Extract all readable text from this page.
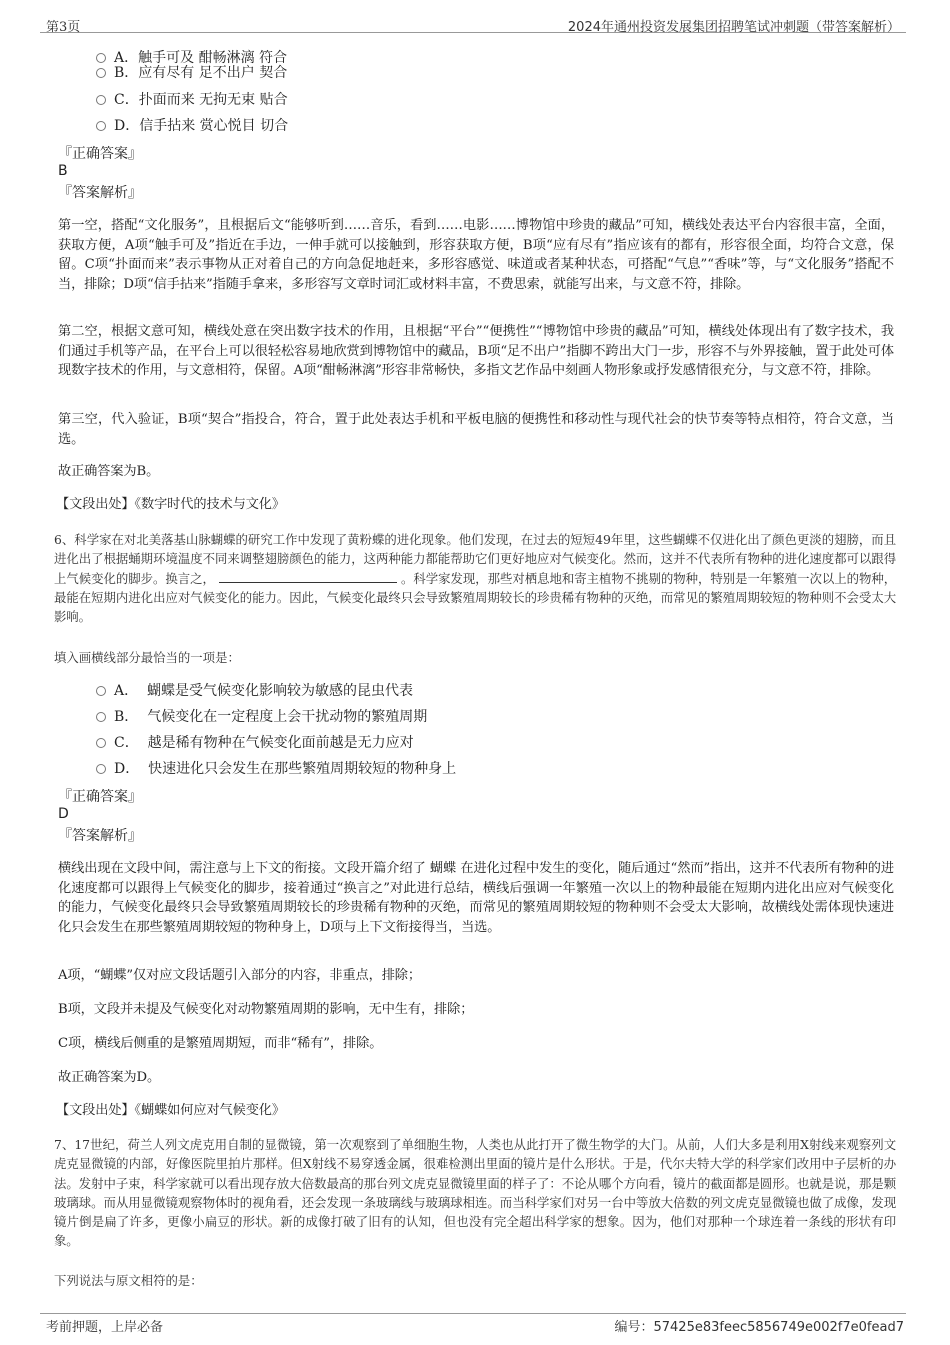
第3页	2024年通州投资发展集团招聘笔试冲刺题（带答案解析）
A．触手可及 酣畅淋漓 符合
B．应有尽有 足不出户 契合
C．扑面而来 无拘无束 贴合
D．信手拈来 赏心悦目 切合
『正确答案』
B
『答案解析』
第一空，搭配“文化服务”，且根据后文“能够听到……音乐，看到……电影……博物馆中珍贵的藏品”可知，横线处表达平台内容很丰富，全面，获取方便，A项“触手可及”指近在手边，一伸手就可以接触到，形容获取方便，B项“应有尽有”指应该有的都有，形容很全面，均符合文意，保留。C项“扑面而来”表示事物从正对着自己的方向急促地赶来，多形容感觉、味道或者某种状态，可搭配“气息”“香味”等，与“文化服务”搭配不当，排除；D项“信手拈来”指随手拿来，多形容写文章时词汇或材料丰富，不费思索，就能写出来，与文意不符，排除。
第二空，根据文意可知，横线处意在突出数字技术的作用，且根据“平台”“便携性”“博物馆中珍贵的藏品”可知，横线处体现出有了数字技术，我们通过手机等产品，在平台上可以很轻松容易地欣赏到博物馆中的藏品，B项“足不出户”指脚不跨出大门一步，形容不与外界接触，置于此处可体现数字技术的作用，与文意相符，保留。A项“酣畅淋漓”形容非常畅快，多指文艺作品中刻画人物形象或抒发感情很充分，与文意不符，排除。
第三空，代入验证，B项“契合”指投合，符合，置于此处表达手机和平板电脑的便携性和移动性与现代社会的快节奏等特点相符，符合文意，当选。
故正确答案为B。
【文段出处】《数字时代的技术与文化》
6、科学家在对北美落基山脉蝴蝶的研究工作中发现了黄粉蝶的进化现象。他们发现，在过去的短短49年里，这些蝴蝶不仅进化出了颜色更淡的翅膀，而且进化出了根据蛹期环境温度不同来调整翅膀颜色的能力，这两种能力都能帮助它们更好地应对气候变化。然而，这并不代表所有物种的进化速度都可以跟得上气候变化的脚步。换言之，	。科学家发现，那些对栖息地和寄主植物不挑剔的物种，特别是一年繁殖一次以上的物种，最能在短期内进化出应对气候变化的能力。因此，气候变化最终只会导致繁殖周期较长的珍贵稀有物种的灭绝，而常见的繁殖周期较短的物种则不会受太大影响。
填入画横线部分最恰当的一项是：
A． 蝴蝶是受气候变化影响较为敏感的昆虫代表
B． 气候变化在一定程度上会干扰动物的繁殖周期
C． 越是稀有物种在气候变化面前越是无力应对
D． 快速进化只会发生在那些繁殖周期较短的物种身上
『正确答案』
D
『答案解析』
横线出现在文段中间，需注意与上下文的衔接。文段开篇介绍了 蝴蝶 在进化过程中发生的变化，随后通过“然而”指出，这并不代表所有物种的进化速度都可以跟得上气候变化的脚步，接着通过“换言之”对此进行总结，横线后强调一年繁殖一次以上的物种最能在短期内进化出应对气候变化的能力，气候变化最终只会导致繁殖周期较长的珍贵稀有物种的灭绝，而常见的繁殖周期较短的物种则不会受太大影响，故横线处需体现快速进化只会发生在那些繁殖周期较短的物种身上，D项与上下文衔接得当，当选。
A项，“蝴蝶”仅对应文段话题引入部分的内容，非重点，排除；
B项，文段并未提及气候变化对动物繁殖周期的影响，无中生有，排除；
C项，横线后侧重的是繁殖周期短，而非“稀有”，排除。
故正确答案为D。
【文段出处】《蝴蝶如何应对气候变化》
7、17世纪，荷兰人列文虎克用自制的显微镜，第一次观察到了单细胞生物，人类也从此打开了微生物学的大门。从前，人们大多是利用X射线来观察列文虎克显微镜的内部，好像医院里拍片那样。但X射线不易穿透金属，很难检测出里面的镜片是什么形状。于是，代尔夫特大学的科学家们改用中子层析的办法。发射中子束，科学家就可以看出现存放大倍数最高的那台列文虎克显微镜里面的样子了：不论从哪个方向看，镜片的截面都是圆形。也就是说，那是颗玻璃球。而从用显微镜观察物体时的视角看，还会发现一条玻璃线与玻璃球相连。而当科学家们对另一台中等放大倍数的列文虎克显微镜也做了成像，发现镜片倒是扁了许多，更像小扁豆的形状。新的成像打破了旧有的认知，但也没有完全超出科学家的想象。因为，他们对那种一个球连着一条线的形状有印象。
下列说法与原文相符的是：
考前押题，上岸必备	编号：57425e83feec5856749e002f7e0fead7
